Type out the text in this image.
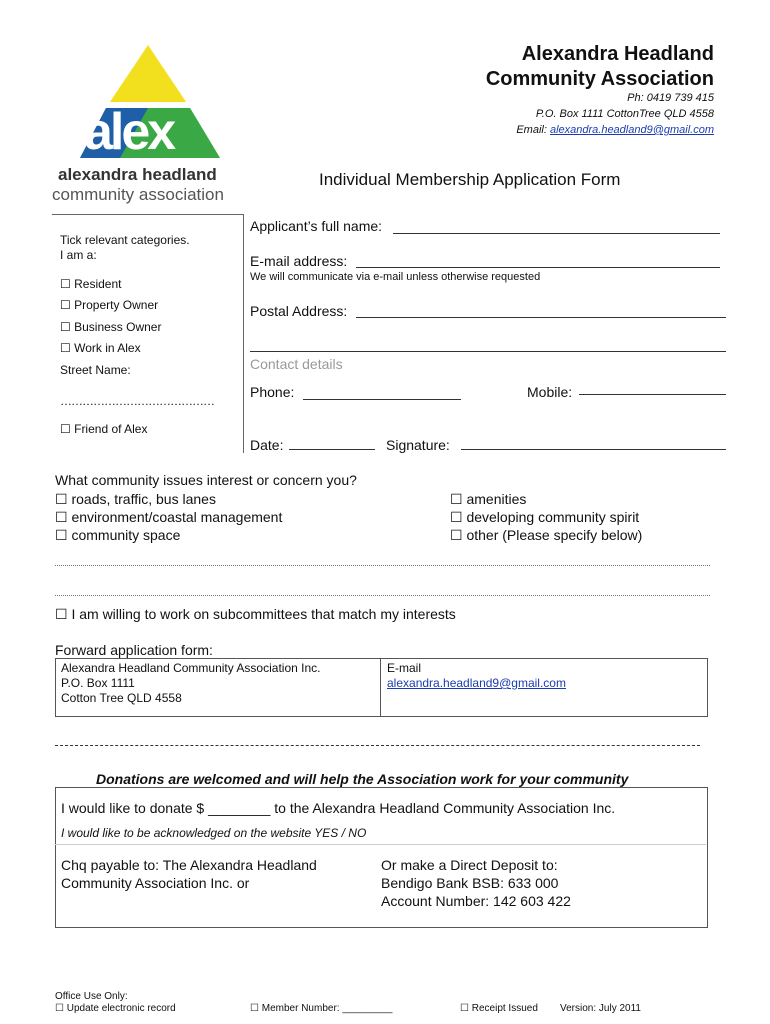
alex
alexandra headland
community association
Alexandra Headland
Community Association
Ph: 0419 739 415
P.O. Box 1111 CottonTree QLD 4558
Email: alexandra.headland9@gmail.com
Individual Membership Application Form
Tick relevant categories.
I am a:
☐ Resident
☐ Property Owner
☐ Business Owner
☐ Work in Alex
Street Name:
……………………………………
☐ Friend of Alex
Applicant’s full name:
E-mail address:
We will communicate via e-mail unless otherwise requested
Postal Address:
Contact details
Phone:	Mobile:
Date:	Signature:
What community issues interest or concern you?
☐ roads, traffic, bus lanes
☐ environment/coastal management
☐ community space
☐ amenities
☐ developing community spirit
☐ other (Please specify below)
☐ I am willing to work on subcommittees that match my interests
Forward application form:
Alexandra Headland Community Association Inc.
P.O. Box 1111
Cotton Tree QLD 4558
E-mail
alexandra.headland9@gmail.com
Donations are welcomed and will help the Association work for your community
I would like to donate $ ________ to the Alexandra Headland Community Association Inc.
I would like to be acknowledged on the website YES / NO
Chq payable to: The Alexandra Headland
Community Association Inc. or
Or make a Direct Deposit to:
Bendigo Bank BSB: 633 000
Account Number: 142 603 422
Office Use Only:
☐ Update electronic record	☐ Member Number: _________	☐ Receipt Issued Version: July 2011
